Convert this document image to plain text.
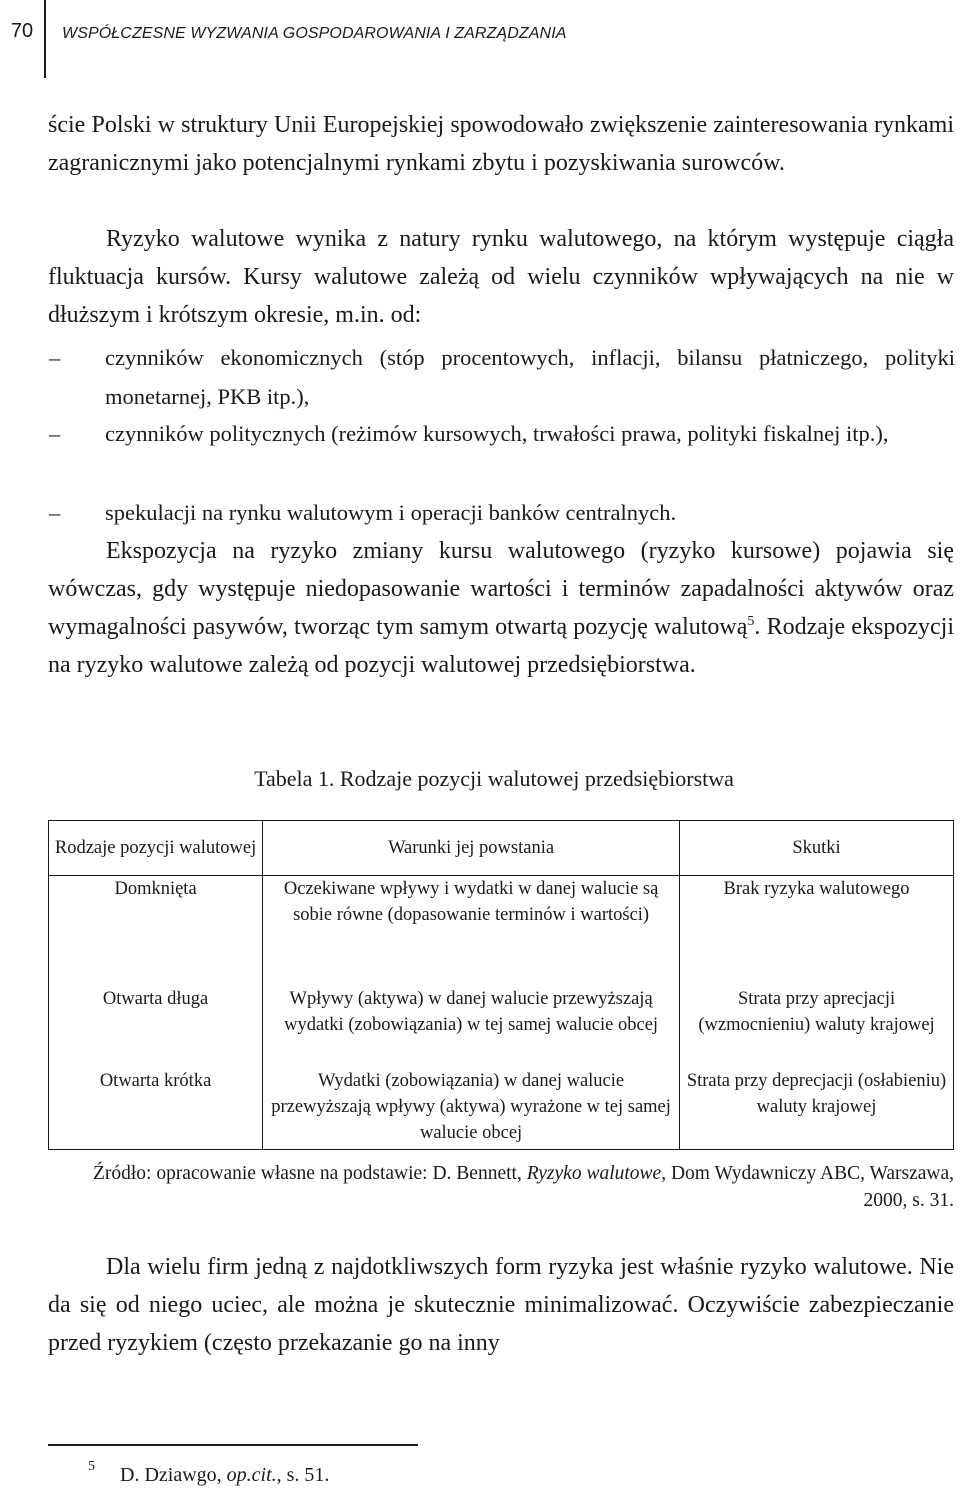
70	WSPÓŁCZESNE WYZWANIA GOSPODAROWANIA I ZARZĄDZANIA

ście Polski w struktury Unii Europejskiej spowodowało zwiększenie zainteresowania rynkami zagranicznymi jako potencjalnymi rynkami zbytu i pozyskiwania surowców.

Ryzyko walutowe wynika z natury rynku walutowego, na którym występuje ciągła fluktuacja kursów. Kursy walutowe zależą od wielu czynników wpływających na nie w dłuższym i krótszym okresie, m.in. od:

–	czynników ekonomicznych (stóp procentowych, inflacji, bilansu płatniczego, polityki monetarnej, PKB itp.),

–	czynników politycznych (reżimów kursowych, trwałości prawa, polityki fiskalnej itp.),

–	spekulacji na rynku walutowym i operacji banków centralnych.

Ekspozycja na ryzyko zmiany kursu walutowego (ryzyko kursowe) pojawia się wówczas, gdy występuje niedopasowanie wartości i terminów zapadalności aktywów oraz wymagalności pasywów, tworząc tym samym otwartą pozycję walutową$^5$. Rodzaje ekspozycji na ryzyko walutowe zależą od pozycji walutowej przedsiębiorstwa.

Tabela 1. Rodzaje pozycji walutowej przedsiębiorstwa
Rodzaje pozycji walutowej	Warunki jej powstania	Skutki
Domknięta	Oczekiwane wpływy i wydatki w danej walucie są sobie równe (dopasowanie terminów i wartości)	Brak ryzyka walutowego
Otwarta długa	Wpływy (aktywa) w danej walucie przewyższają wydatki (zobowiązania) w tej samej walucie obcej	Strata przy aprecjacji (wzmocnieniu) waluty krajowej
Otwarta krótka	Wydatki (zobowiązania) w danej walucie przewyższają wpływy (aktywa) wyrażone w tej samej walucie obcej	Strata przy deprecjacji (osłabieniu) waluty krajowej
Źródło: opracowanie własne na podstawie: D. Bennett, Ryzyko walutowe, Dom Wydawniczy ABC, Warszawa, 2000, s. 31.

Dla wielu firm jedną z najdotkliwszych form ryzyka jest właśnie ryzyko walutowe. Nie da się od niego uciec, ale można je skutecznie minimalizować. Oczywiście zabezpieczanie przed ryzykiem (często przekazanie go na inny

5 D. Dziawgo, op.cit., s. 51.
